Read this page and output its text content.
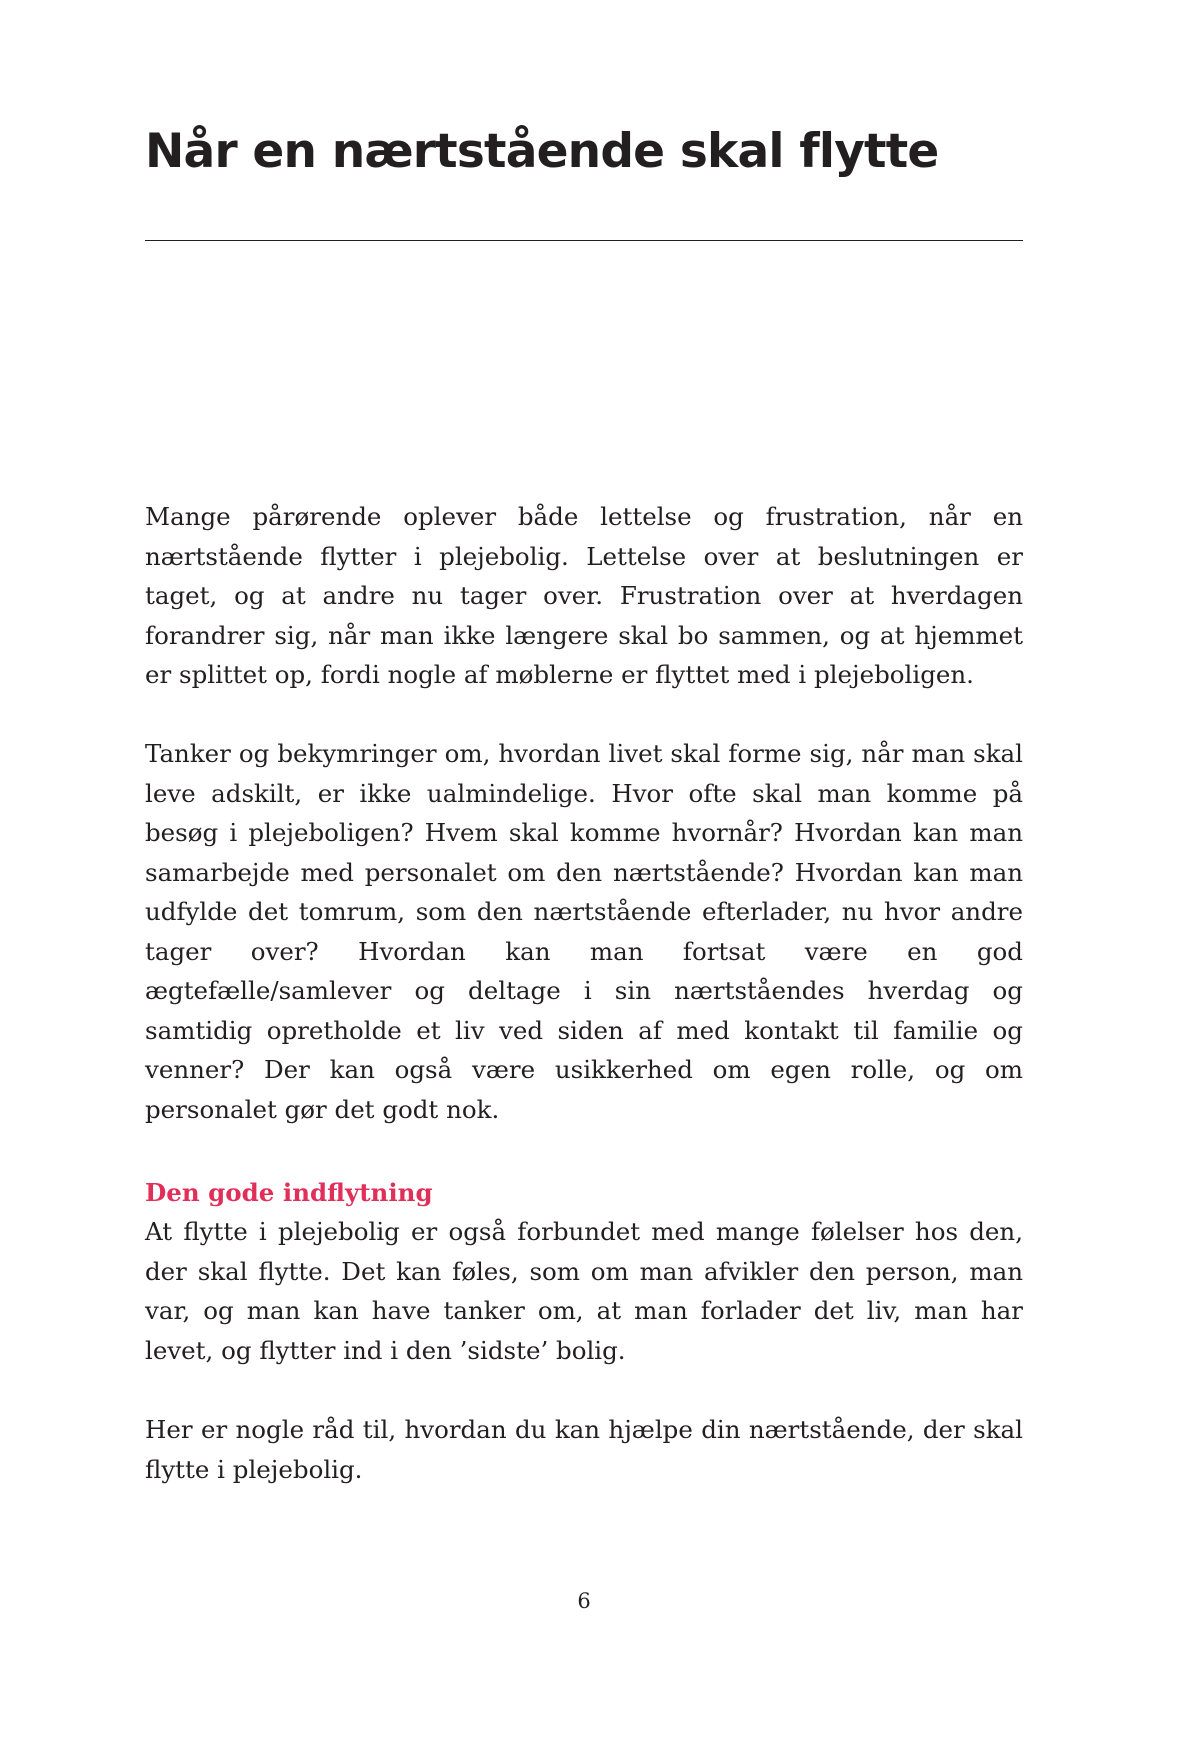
Når en nærtstående skal flytte

Mange pårørende oplever både lettelse og frustration, når en nærtstående flytter i plejebolig. Lettelse over at beslutningen er taget, og at andre nu tager over. Frustration over at hverdagen forandrer sig, når man ikke længere skal bo sammen, og at hjemmet er splittet op, fordi nogle af møblerne er flyttet med i plejeboligen.

Tanker og bekymringer om, hvordan livet skal forme sig, når man skal leve adskilt, er ikke ualmindelige. Hvor ofte skal man komme på besøg i plejeboligen? Hvem skal komme hvornår? Hvordan kan man samarbejde med personalet om den nærtstående? Hvordan kan man udfylde det tomrum, som den nærtstående efterlader, nu hvor andre tager over? Hvordan kan man fortsat være en god ægtefælle/samlever og deltage i sin nærtståendes hverdag og samtidig opretholde et liv ved siden af med kontakt til familie og venner? Der kan også være usikkerhed om egen rolle, og om personalet gør det godt nok.

Den gode indflytning

At flytte i plejebolig er også forbundet med mange følelser hos den, der skal flytte. Det kan føles, som om man afvikler den person, man var, og man kan have tanker om, at man forlader det liv, man har levet, og flytter ind i den ’sidste’ bolig.

Her er nogle råd til, hvordan du kan hjælpe din nærtstående, der skal flytte i plejebolig.

6
